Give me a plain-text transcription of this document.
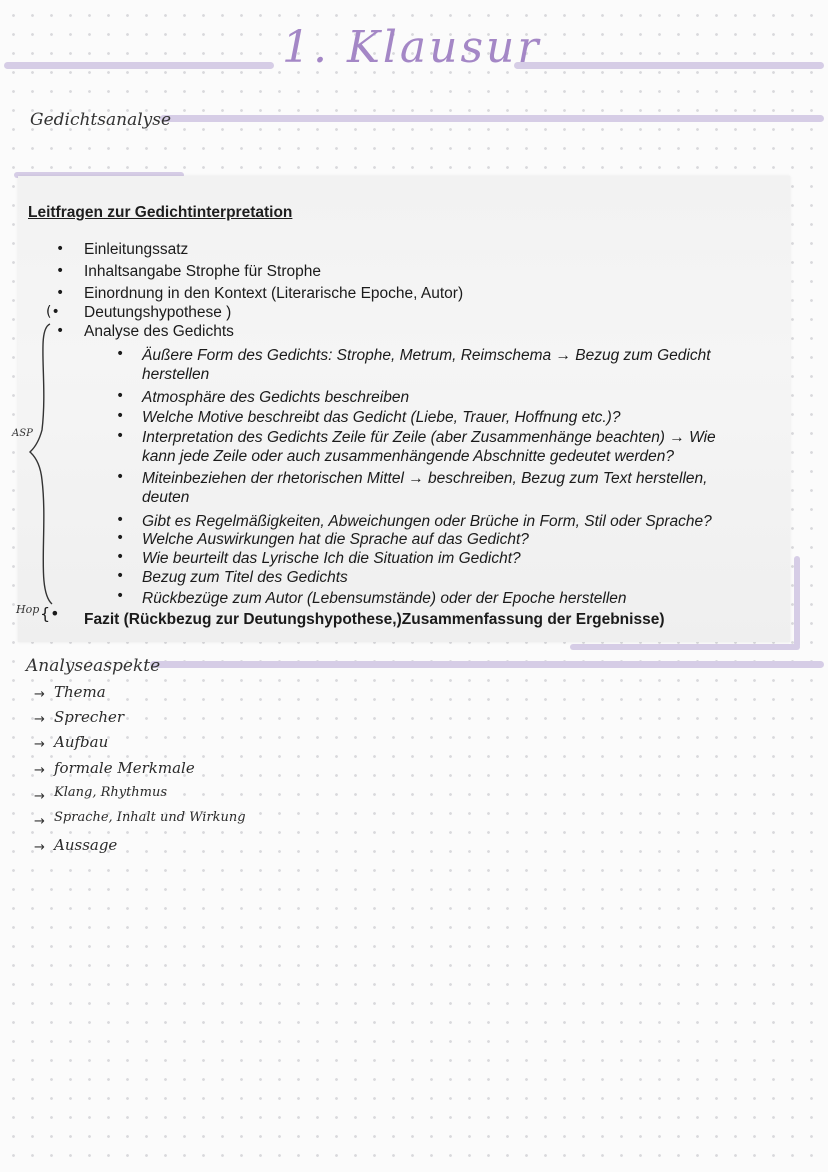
1. Klausur
Gedichtsanalyse
Leitfragen zur Gedichtinterpretation
• Einleitungssatz
• Inhaltsangabe Strophe für Strophe
• Einordnung in den Kontext (Literarische Epoche, Autor)
(• Deutungshypothese )
• Analyse des Gedichts
ASP
• Äußere Form des Gedichts: Strophe, Metrum, Reimschema → Bezug zum Gedicht
herstellen
• Atmosphäre des Gedichts beschreiben
• Welche Motive beschreibt das Gedicht (Liebe, Trauer, Hoffnung etc.)?
• Interpretation des Gedichts Zeile für Zeile (aber Zusammenhänge beachten) → Wie
kann jede Zeile oder auch zusammenhängende Abschnitte gedeutet werden?
• Miteinbeziehen der rhetorischen Mittel → beschreiben, Bezug zum Text herstellen,
deuten
• Gibt es Regelmäßigkeiten, Abweichungen oder Brüche in Form, Stil oder Sprache?
• Welche Auswirkungen hat die Sprache auf das Gedicht?
• Wie beurteilt das Lyrische Ich die Situation im Gedicht?
• Bezug zum Titel des Gedichts
• Rückbezüge zum Autor (Lebensumstände) oder der Epoche herstellen
Hop {• Fazit (Rückbezug zur Deutungshypothese,)Zusammenfassung der Ergebnisse)
Analyseaspekte
→ Thema
→ Sprecher
→ Aufbau
→ formale Merkmale
→ Klang, Rhythmus
→ Sprache, Inhalt und Wirkung
→ Aussage
